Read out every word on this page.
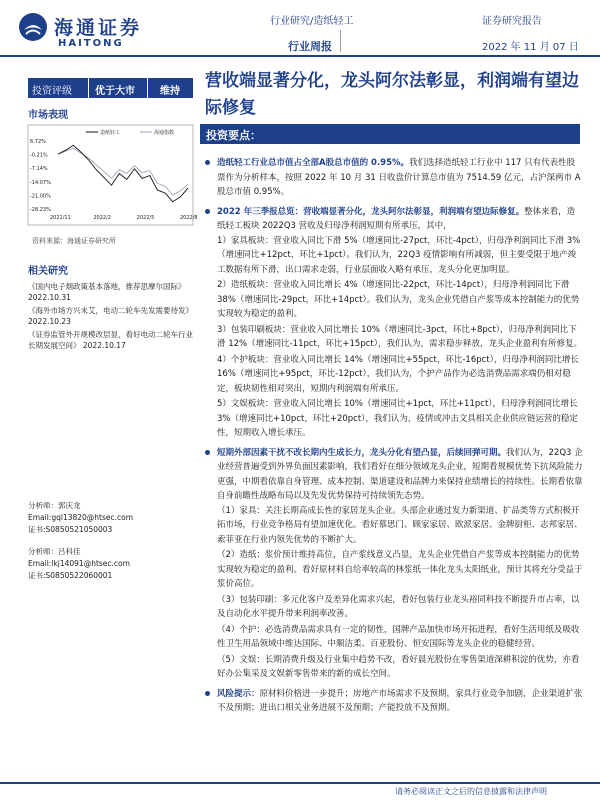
海通证券
HAITONG
行业研究/造纸轻工
行业周报
证券研究报告
2022 年 11 月 07 日
投资评级 优于大市	维持
市场表现
造纸轻工	海通指数
6.72%
-0.21%
-7.14%
-14.07%
-21.00%
-28.23%
2021/11	2022/2	2022/5	2022/8
资料来源：海通证券研究所
相关研究
《国内电子烟政策基本落地，推荐思摩尔国际》 2022.10.31
《海外市场方兴未艾，电动二轮车先发需要待发》 2022.10.23
《证券监管外开规模改层显，看好电动二轮车行业长期发展空间》 2022.10.17
分析师：郭庆龙
Email:gql13820@htsec.com
证书:S0850521050003
分析师：吕科佳
Email:lkj14091@htsec.com
证书:S0850522060001
营收端显著分化，龙头阿尔法彰显，利润端有望边际修复
投资要点：
造纸轻工行业总市值占全部A股总市值的 0.95%。我们选择造纸轻工行业中 117 只有代表性股票作为分析样本，按照 2022 年 10 月 31 日收盘价计算总市值为 7514.59 亿元，占沪深两市 A 股总市值 0.95%。
2022 年三季报总览：营收端显著分化，龙头阿尔法彰显，利润端有望边际修复。整体来看，造纸轻工板块 2022Q3 营收及归母净利润短期有所承压，其中，
1）家具板块：营业收入同比下滑 5%（增速同比-27pct，环比-4pct），归母净利润同比下滑 3%（增速同比+12pct，环比+1pct）。我们认为，22Q3 疫情影响有所减弱，但主要受限于地产竣工数据有所下滑，出口需求走弱，行业层面收入略有承压，龙头分化更加明显。
2）造纸板块：营业收入同比增长 4%（增速同比-22pct，环比-14pct），归母净利润同比下滑 38%（增速同比-29pct，环比+14pct）。我们认为，龙头企业凭借自产浆等成本控制能力的优势实现较为稳定的盈利。
3）包装印刷板块：营业收入同比增长 10%（增速同比-3pct，环比+8pct），归母净利润同比下滑 12%（增速同比-11pct，环比+15pct），我们认为，需求稳步释放，龙头企业盈利有所修复。
4）个护板块：营业收入同比增长 14%（增速同比+55pct，环比-16pct），归母净利润同比增长 16%（增速同比+95pct，环比-12pct），我们认为，个护产品作为必选消费品需求端仍相对稳定，板块韧性相对突出，短期内利润端有所承压。
5）文娱板块：营业收入同比增长 10%（增速同比+1pct，环比+11pct），归母净利润同比增长 3%（增速同比+10pct，环比+20pct），我们认为，疫情或冲击文具相关企业供应链运营的稳定性，短期收入增长承压。
短期外部因素干扰不改长期内生成长力，龙头分化有望凸显，后续回弹可期。我们认为，22Q3 企业经营普遍受到外界负面因素影响，我们看好在细分领域龙头企业，短期看规模优势下抗风险能力更强，中期看依靠自身管理、成本控制、渠道建设和品牌力来保持业绩增长的持续性。长期看依靠自身前瞻性战略布局以及先发优势保持可持续领先态势。
（1）家具：关注长期高成长性的家居龙头企业。头部企业通过发力新渠道、扩品类等方式积极开拓市场，行业竞争格局有望加速优化。看好慕思门、顾家家居、欧派家居、金牌厨柜、志邦家居、索菲亚在行业内领先优势的不断扩大。
（2）造纸：浆价预计维持高位，自产浆线意义凸显，龙头企业凭借自产浆等成本控制能力的优势实现较为稳定的盈利。看好原材料自给率较高的林浆纸一体化龙头太阳纸业，预计其将充分受益于浆价高位。
（3）包装印刷：多元化客户及差异化需求兴起，看好包装行业龙头裕同科技不断提升市占率，以及自动化水平提升带来利润率改善。
（4）个护：必选消费品需求具有一定的韧性，国牌产品加快市场开拓进程，看好生活用纸及吸收性卫生用品领域中维达国际、中顺洁柔、百亚股份、恒安国际等龙头企业的稳健经营。
（5）文娱：长期消费升级及行业集中趋势不改，看好晨光股份在零售渠道深耕积淀的优势，亦看好办公集采及文娱新零售带来的新的成长空间。
风险提示：原材料价格进一步提升；房地产市场需求不及预期，家具行业竞争加剧，企业渠道扩张不及预期；进出口相关业务进展不及预期；产能投放不及预期。
请务必阅读正文之后的信息披露和法律声明
